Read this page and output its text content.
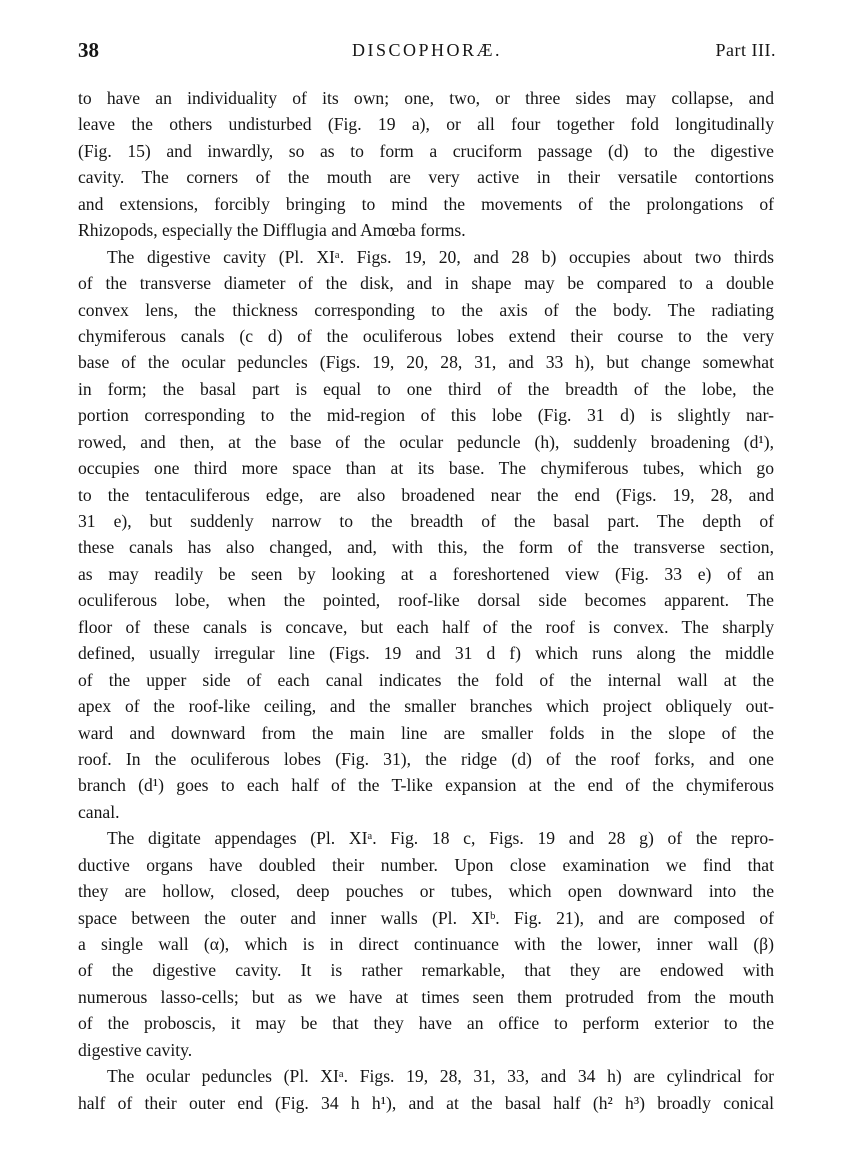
38	DISCOPHORÆ.	Part III.
to have an individuality of its own; one, two, or three sides may collapse, and
leave the others undisturbed (Fig. 19 a), or all four together fold longitudinally
(Fig. 15) and inwardly, so as to form a cruciform passage (d) to the digestive
cavity. The corners of the mouth are very active in their versatile contortions
and extensions, forcibly bringing to mind the movements of the prolongations of
Rhizopods, especially the Difflugia and Amœba forms.
The digestive cavity (Pl. XIᵃ. Figs. 19, 20, and 28 b) occupies about two thirds
of the transverse diameter of the disk, and in shape may be compared to a double
convex lens, the thickness corresponding to the axis of the body. The radiating
chymiferous canals (c d) of the oculiferous lobes extend their course to the very
base of the ocular peduncles (Figs. 19, 20, 28, 31, and 33 h), but change somewhat
in form; the basal part is equal to one third of the breadth of the lobe, the
portion corresponding to the mid-region of this lobe (Fig. 31 d) is slightly nar-
rowed, and then, at the base of the ocular peduncle (h), suddenly broadening (d¹),
occupies one third more space than at its base. The chymiferous tubes, which go
to the tentaculiferous edge, are also broadened near the end (Figs. 19, 28, and
31 e), but suddenly narrow to the breadth of the basal part. The depth of
these canals has also changed, and, with this, the form of the transverse section,
as may readily be seen by looking at a foreshortened view (Fig. 33 e) of an
oculiferous lobe, when the pointed, roof-like dorsal side becomes apparent. The
floor of these canals is concave, but each half of the roof is convex. The sharply
defined, usually irregular line (Figs. 19 and 31 d f) which runs along the middle
of the upper side of each canal indicates the fold of the internal wall at the
apex of the roof-like ceiling, and the smaller branches which project obliquely out-
ward and downward from the main line are smaller folds in the slope of the
roof. In the oculiferous lobes (Fig. 31), the ridge (d) of the roof forks, and one
branch (d¹) goes to each half of the T-like expansion at the end of the chymiferous
canal.
The digitate appendages (Pl. XIᵃ. Fig. 18 c, Figs. 19 and 28 g) of the repro-
ductive organs have doubled their number. Upon close examination we find that
they are hollow, closed, deep pouches or tubes, which open downward into the
space between the outer and inner walls (Pl. XIᵇ. Fig. 21), and are composed of
a single wall (α), which is in direct continuance with the lower, inner wall (β)
of the digestive cavity. It is rather remarkable, that they are endowed with
numerous lasso-cells; but as we have at times seen them protruded from the mouth
of the proboscis, it may be that they have an office to perform exterior to the
digestive cavity.
The ocular peduncles (Pl. XIᵃ. Figs. 19, 28, 31, 33, and 34 h) are cylindrical for
half of their outer end (Fig. 34 h h¹), and at the basal half (h² h³) broadly conical
